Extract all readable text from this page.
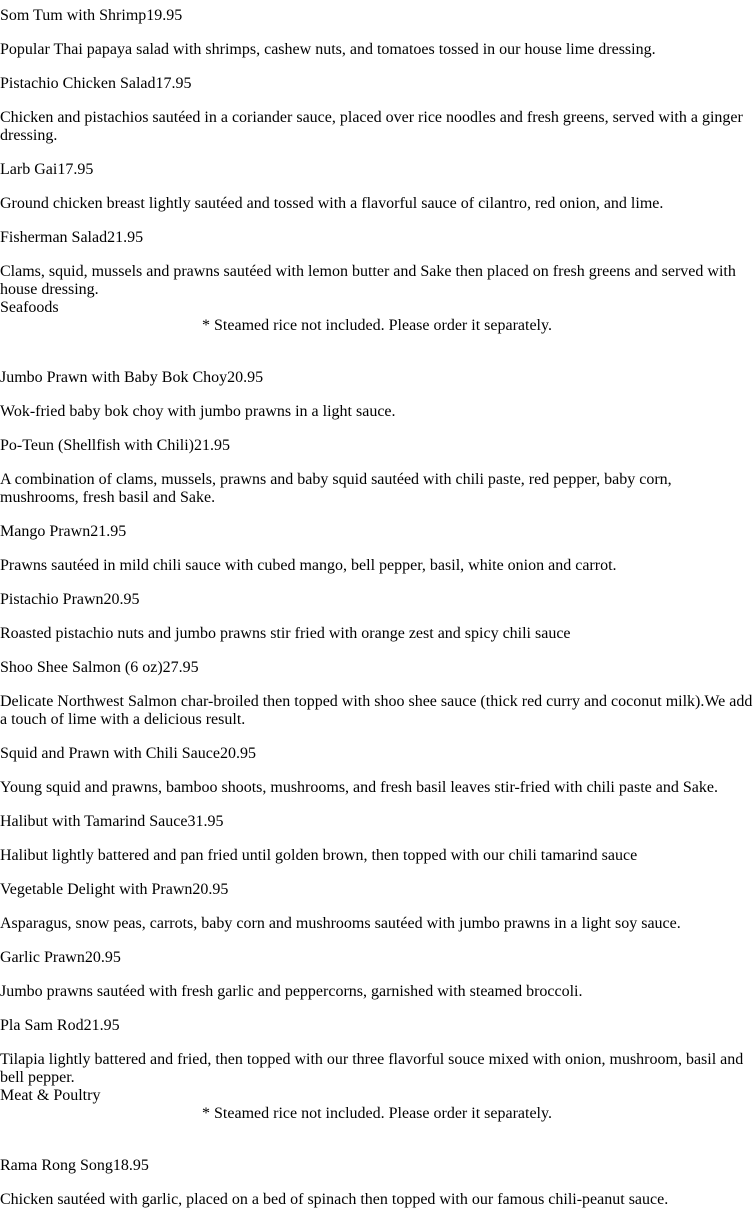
Som Tum with Shrimp19.95

Popular Thai papaya salad with shrimps, cashew nuts, and tomatoes tossed in our house lime dressing.

Pistachio Chicken Salad17.95

Chicken and pistachios sautéed in a coriander sauce, placed over rice noodles and fresh greens, served with a ginger dressing.

Larb Gai17.95

Ground chicken breast lightly sautéed and tossed with a flavorful sauce of cilantro, red onion, and lime.

Fisherman Salad21.95

Clams, squid, mussels and prawns sautéed with lemon butter and Sake then placed on fresh greens and served with house dressing.

Seafoods

* Steamed rice not included. Please order it separately.

Jumbo Prawn with Baby Bok Choy20.95

Wok-fried baby bok choy with jumbo prawns in a light sauce.

Po-Teun (Shellfish with Chili)21.95

A combination of clams, mussels, prawns and baby squid sautéed with chili paste, red pepper, baby corn, mushrooms, fresh basil and Sake.

Mango Prawn21.95

Prawns sautéed in mild chili sauce with cubed mango, bell pepper, basil, white onion and carrot.

Pistachio Prawn20.95

Roasted pistachio nuts and jumbo prawns stir fried with orange zest and spicy chili sauce

Shoo Shee Salmon (6 oz)27.95

Delicate Northwest Salmon char-broiled then topped with shoo shee sauce (thick red curry and coconut milk).We add a touch of lime with a delicious result.

Squid and Prawn with Chili Sauce20.95

Young squid and prawns, bamboo shoots, mushrooms, and fresh basil leaves stir-fried with chili paste and Sake.

Halibut with Tamarind Sauce31.95

Halibut lightly battered and pan fried until golden brown, then topped with our chili tamarind sauce

Vegetable Delight with Prawn20.95

Asparagus, snow peas, carrots, baby corn and mushrooms sautéed with jumbo prawns in a light soy sauce.

Garlic Prawn20.95

Jumbo prawns sautéed with fresh garlic and peppercorns, garnished with steamed broccoli.

Pla Sam Rod21.95

Tilapia lightly battered and fried, then topped with our three flavorful souce mixed with onion, mushroom, basil and bell pepper.

Meat & Poultry

* Steamed rice not included. Please order it separately.

Rama Rong Song18.95

Chicken sautéed with garlic, placed on a bed of spinach then topped with our famous chili-peanut sauce.
